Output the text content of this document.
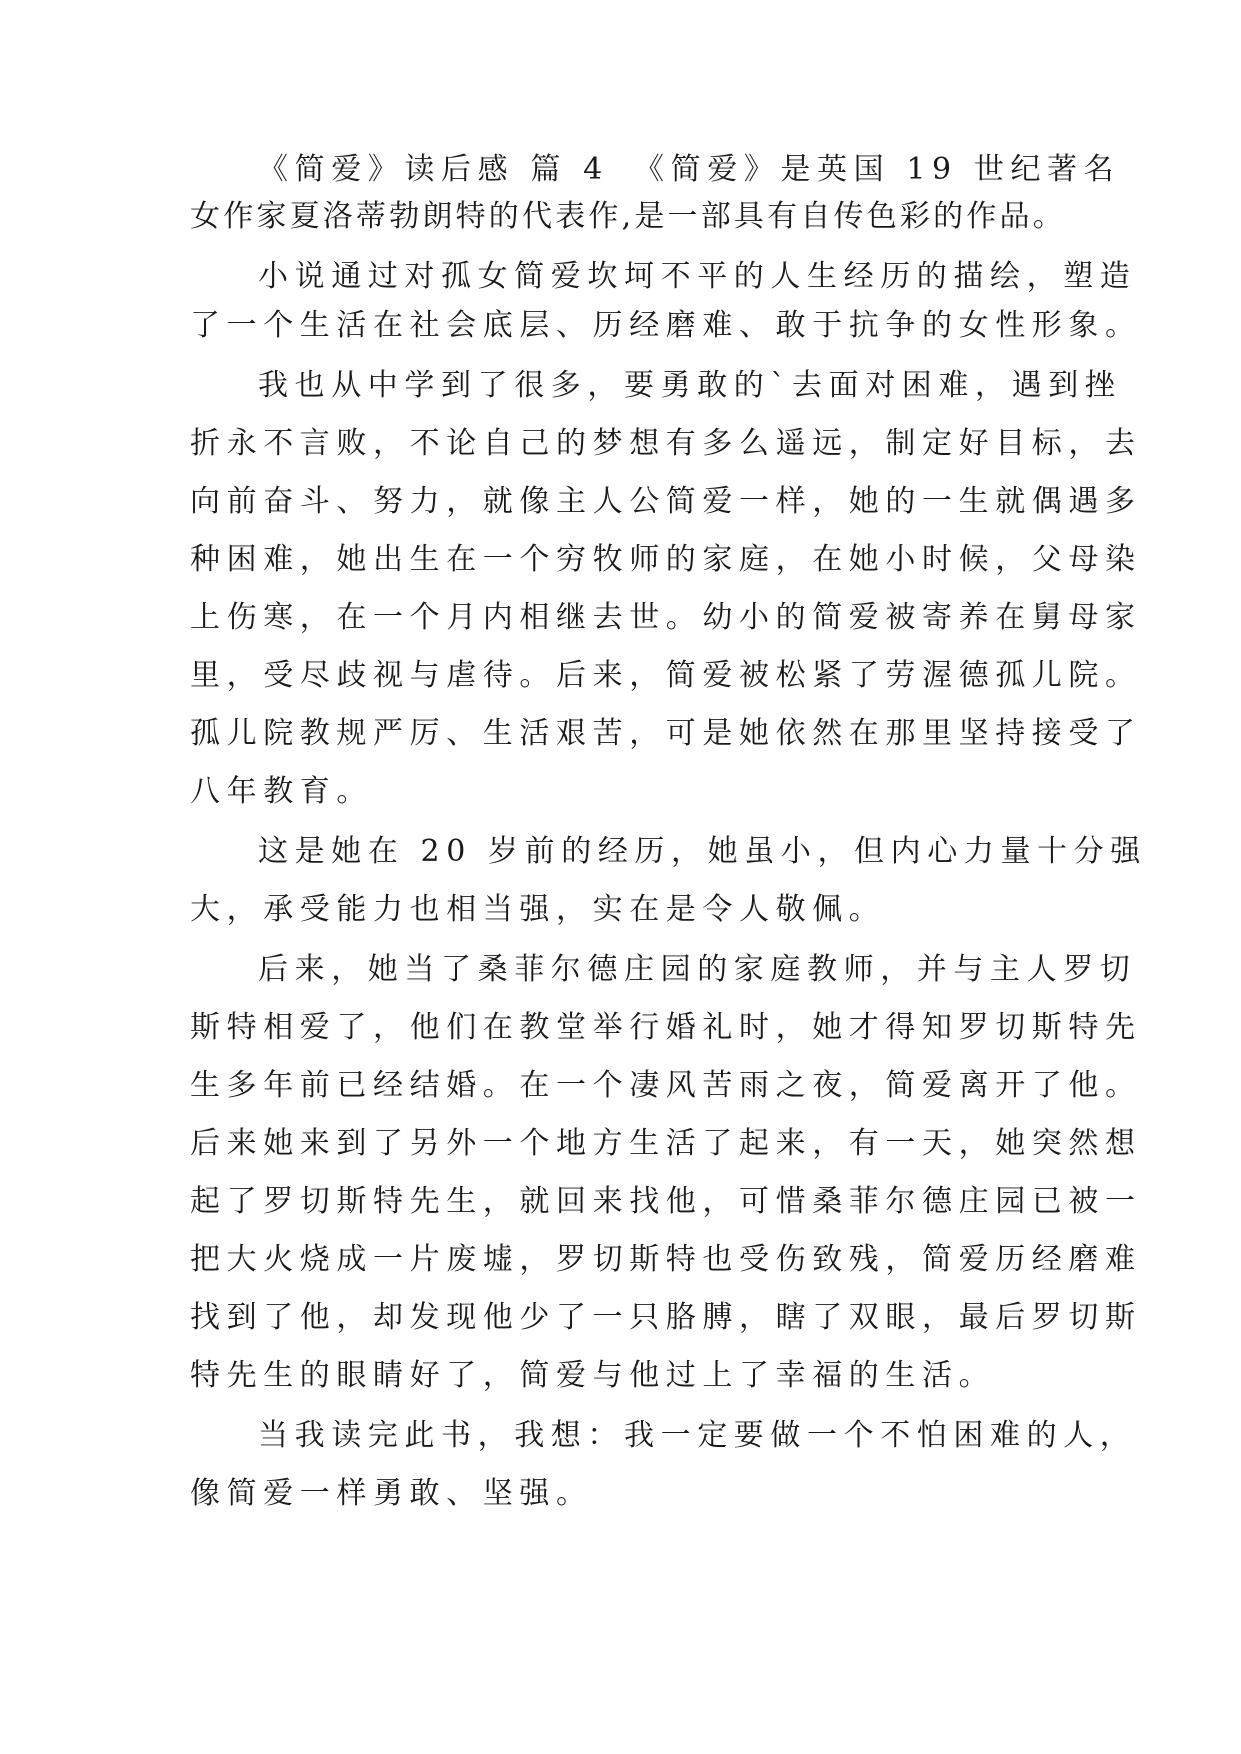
《简爱》读后感 篇 4 《简爱》是英国 19 世纪著名

女作家夏洛蒂勃朗特的代表作,是一部具有自传色彩的作品。

小说通过对孤女简爱坎坷不平的人生经历的描绘，塑造

了一个生活在社会底层、历经磨难、敢于抗争的女性形象。

我也从中学到了很多，要勇敢的`去面对困难，遇到挫

折永不言败，不论自己的梦想有多么遥远，制定好目标，去

向前奋斗、努力，就像主人公简爱一样，她的一生就偶遇多

种困难，她出生在一个穷牧师的家庭，在她小时候，父母染

上伤寒，在一个月内相继去世。幼小的简爱被寄养在舅母家

里，受尽歧视与虐待。后来，简爱被松紧了劳渥德孤儿院。

孤儿院教规严厉、生活艰苦，可是她依然在那里坚持接受了

八年教育。

这是她在 20 岁前的经历，她虽小，但内心力量十分强

大，承受能力也相当强，实在是令人敬佩。

后来，她当了桑菲尔德庄园的家庭教师，并与主人罗切

斯特相爱了，他们在教堂举行婚礼时，她才得知罗切斯特先

生多年前已经结婚。在一个凄风苦雨之夜，简爱离开了他。

后来她来到了另外一个地方生活了起来，有一天，她突然想

起了罗切斯特先生，就回来找他，可惜桑菲尔德庄园已被一

把大火烧成一片废墟，罗切斯特也受伤致残，简爱历经磨难

找到了他，却发现他少了一只胳膊，瞎了双眼，最后罗切斯

特先生的眼睛好了，简爱与他过上了幸福的生活。

当我读完此书，我想：我一定要做一个不怕困难的人，

像简爱一样勇敢、坚强。
